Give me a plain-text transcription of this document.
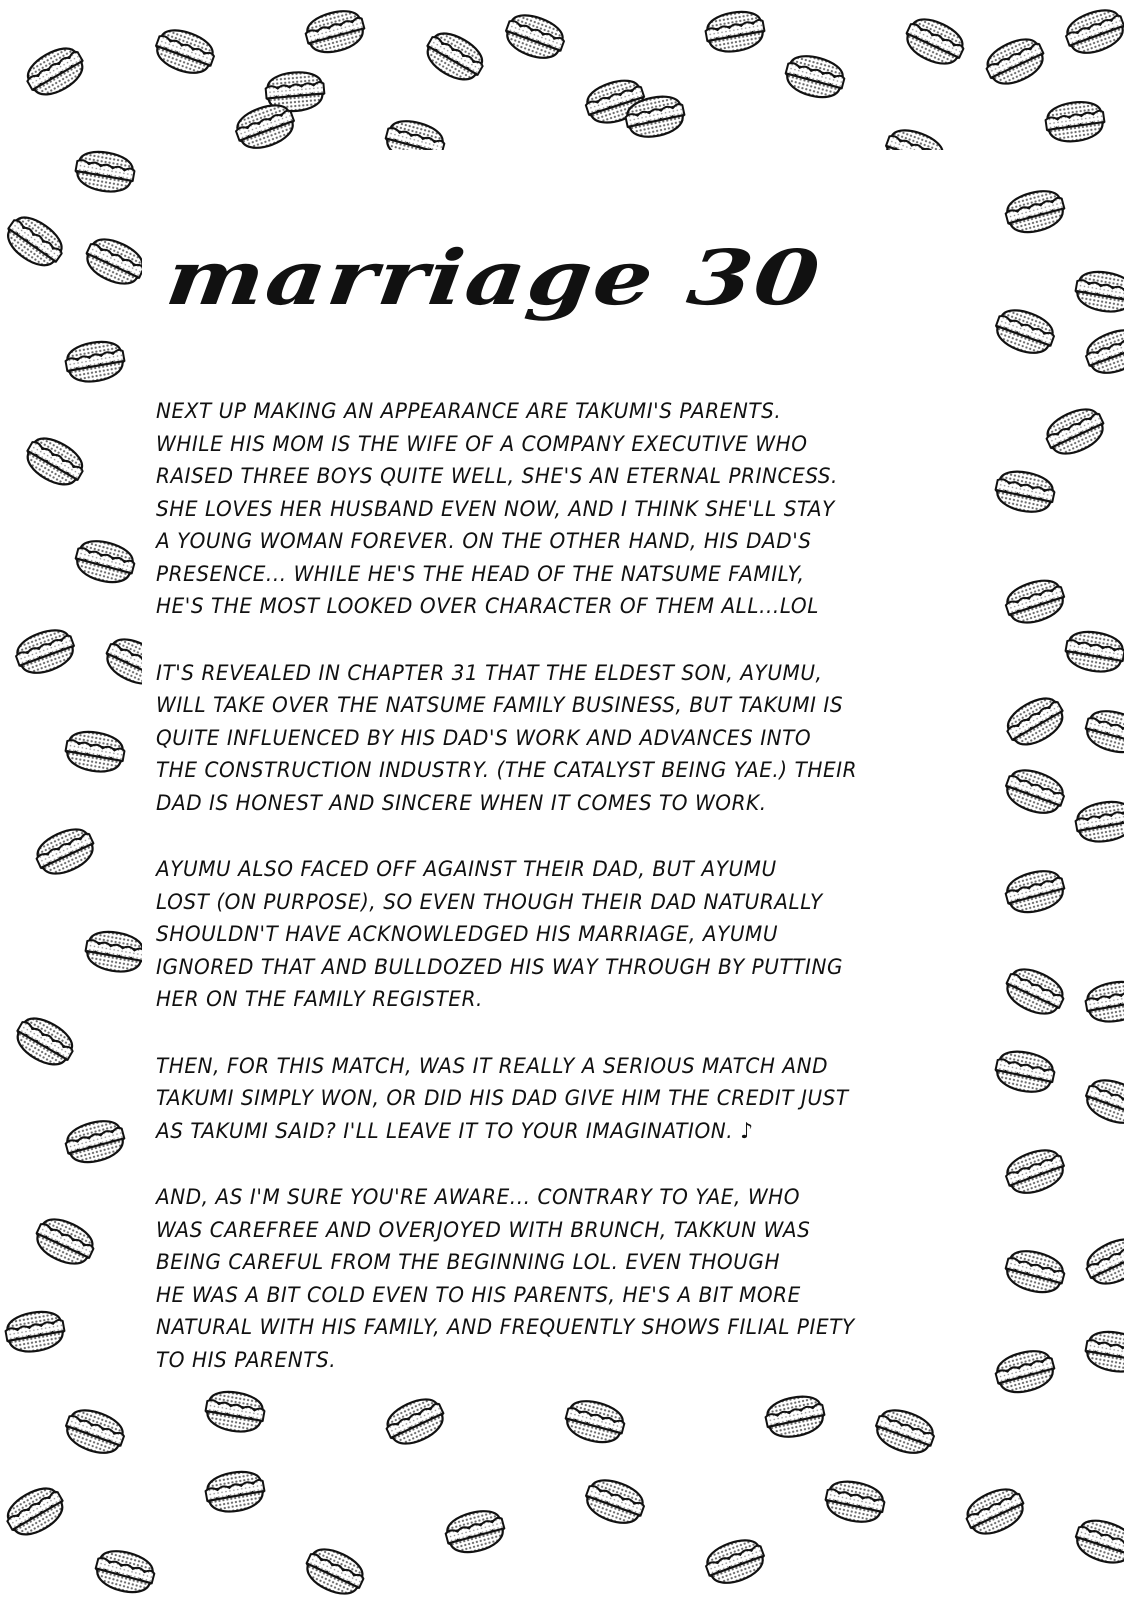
marriage 30

NEXT UP MAKING AN APPEARANCE ARE TAKUMI'S PARENTS.
WHILE HIS MOM IS THE WIFE OF A COMPANY EXECUTIVE WHO
RAISED THREE BOYS QUITE WELL, SHE'S AN ETERNAL PRINCESS.
SHE LOVES HER HUSBAND EVEN NOW, AND I THINK SHE'LL STAY
A YOUNG WOMAN FOREVER. ON THE OTHER HAND, HIS DAD'S
PRESENCE... WHILE HE'S THE HEAD OF THE NATSUME FAMILY,
HE'S THE MOST LOOKED OVER CHARACTER OF THEM ALL...LOL

IT'S REVEALED IN CHAPTER 31 THAT THE ELDEST SON, AYUMU,
WILL TAKE OVER THE NATSUME FAMILY BUSINESS, BUT TAKUMI IS
QUITE INFLUENCED BY HIS DAD'S WORK AND ADVANCES INTO
THE CONSTRUCTION INDUSTRY. (THE CATALYST BEING YAE.) THEIR
DAD IS HONEST AND SINCERE WHEN IT COMES TO WORK.

AYUMU ALSO FACED OFF AGAINST THEIR DAD, BUT AYUMU
LOST (ON PURPOSE), SO EVEN THOUGH THEIR DAD NATURALLY
SHOULDN'T HAVE ACKNOWLEDGED HIS MARRIAGE, AYUMU
IGNORED THAT AND BULLDOZED HIS WAY THROUGH BY PUTTING
HER ON THE FAMILY REGISTER.

THEN, FOR THIS MATCH, WAS IT REALLY A SERIOUS MATCH AND
TAKUMI SIMPLY WON, OR DID HIS DAD GIVE HIM THE CREDIT JUST
AS TAKUMI SAID? I'LL LEAVE IT TO YOUR IMAGINATION. ♪

AND, AS I'M SURE YOU'RE AWARE... CONTRARY TO YAE, WHO
WAS CAREFREE AND OVERJOYED WITH BRUNCH, TAKKUN WAS
BEING CAREFUL FROM THE BEGINNING LOL. EVEN THOUGH
HE WAS A BIT COLD EVEN TO HIS PARENTS, HE'S A BIT MORE
NATURAL WITH HIS FAMILY, AND FREQUENTLY SHOWS FILIAL PIETY
TO HIS PARENTS.
